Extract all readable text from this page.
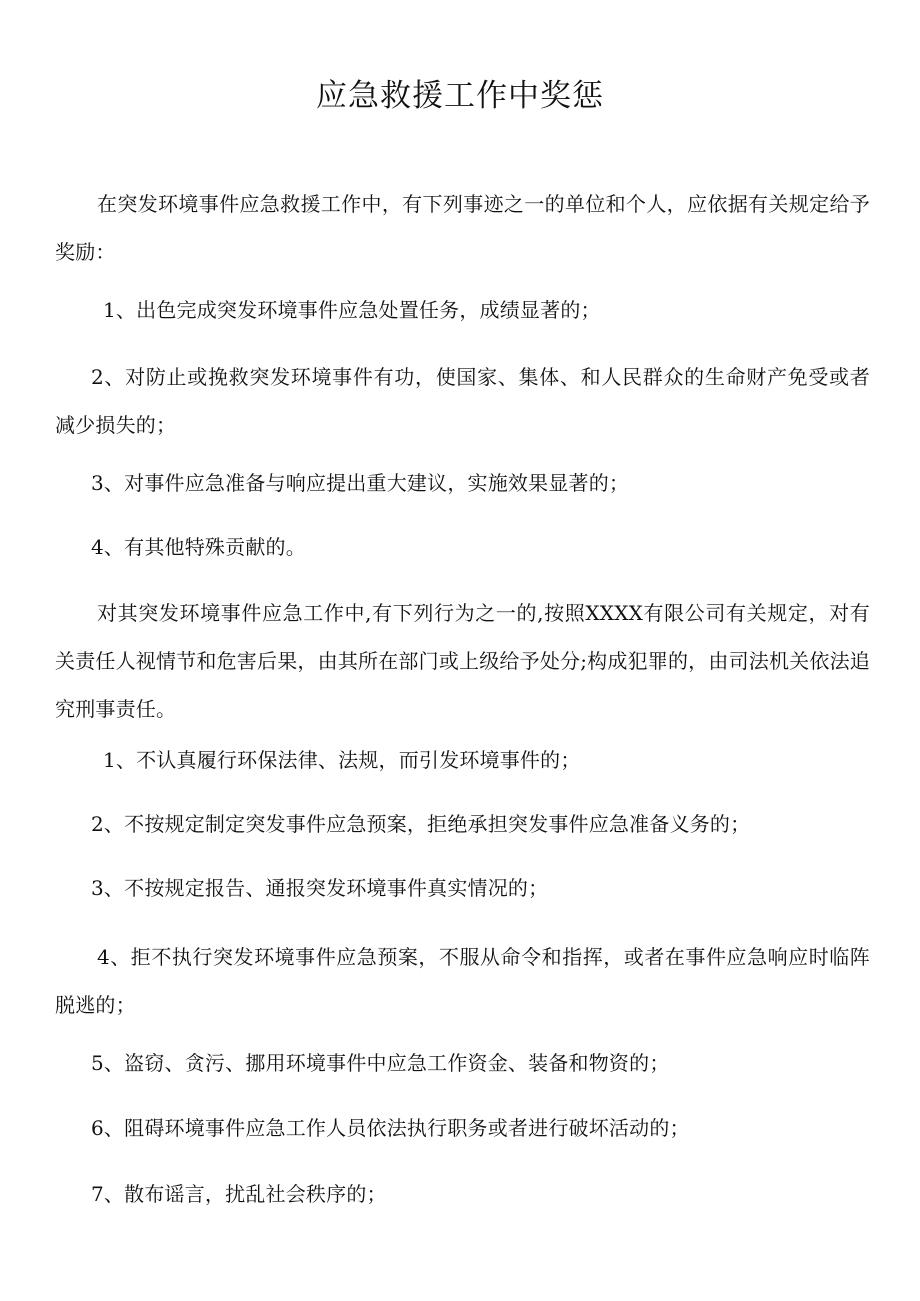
应急救援工作中奖惩
在突发环境事件应急救援工作中，有下列事迹之一的单位和个人，应依据有关规定给予奖励：
1、出色完成突发环境事件应急处置任务，成绩显著的；
2、对防止或挽救突发环境事件有功，使国家、集体、和人民群众的生命财产免受或者减少损失的；
3、对事件应急准备与响应提出重大建议，实施效果显著的；
4、有其他特殊贡献的。
对其突发环境事件应急工作中,有下列行为之一的,按照XXXX有限公司有关规定，对有关责任人视情节和危害后果，由其所在部门或上级给予处分;构成犯罪的，由司法机关依法追究刑事责任。
1、不认真履行环保法律、法规，而引发环境事件的；
2、不按规定制定突发事件应急预案，拒绝承担突发事件应急准备义务的；
3、不按规定报告、通报突发环境事件真实情况的；
4、拒不执行突发环境事件应急预案，不服从命令和指挥，或者在事件应急响应时临阵脱逃的；
5、盗窃、贪污、挪用环境事件中应急工作资金、装备和物资的；
6、阻碍环境事件应急工作人员依法执行职务或者进行破坏活动的；
7、散布谣言，扰乱社会秩序的；
